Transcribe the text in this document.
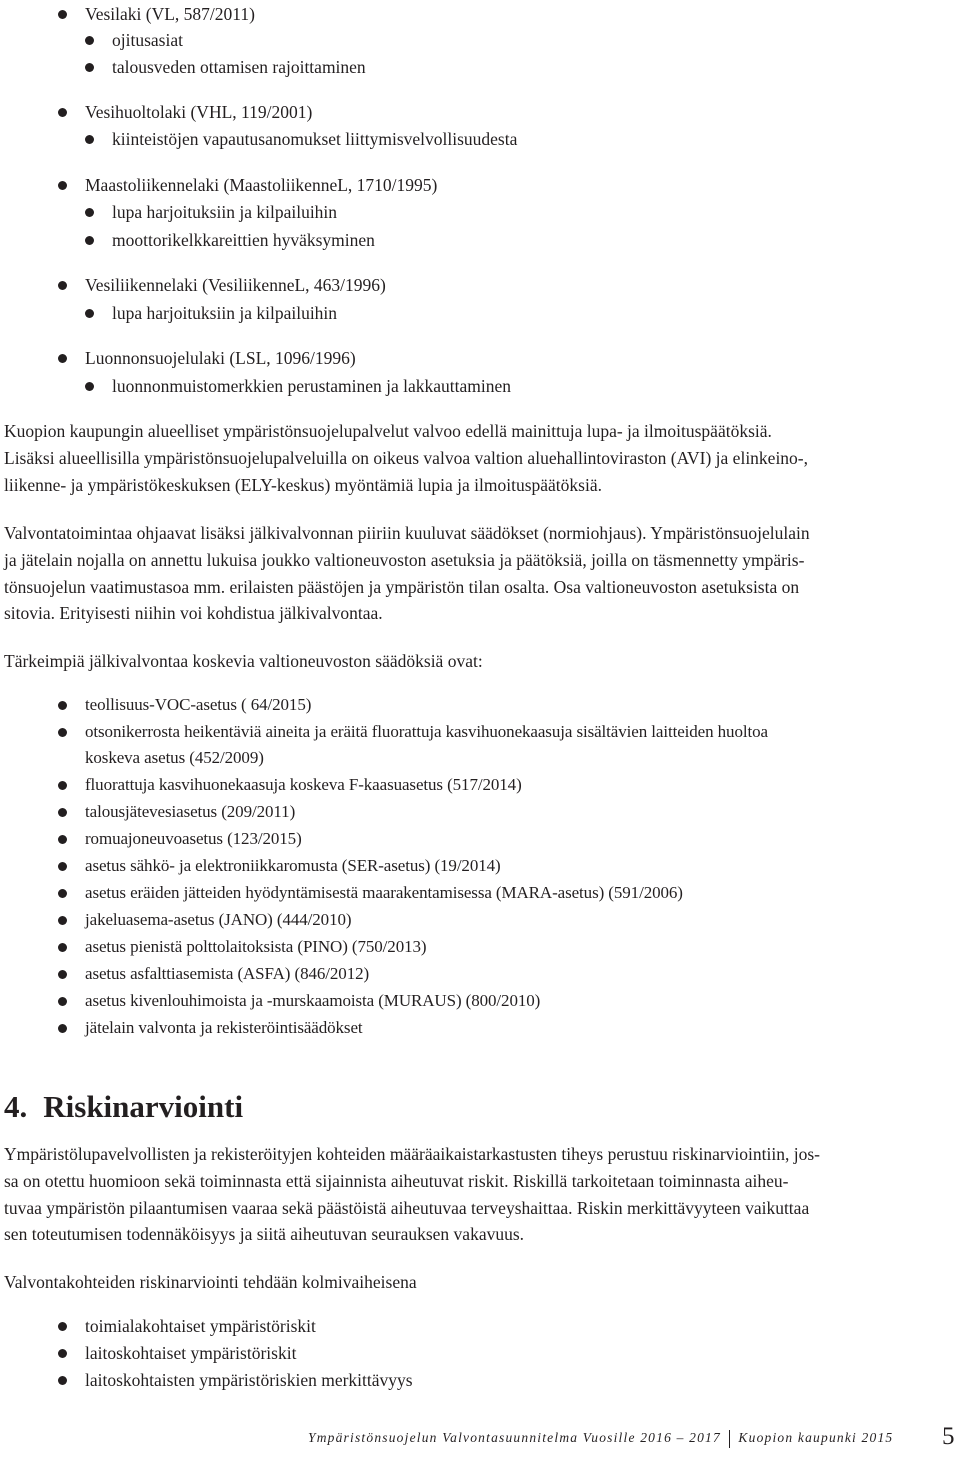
Vesilaki (VL, 587/2011)
ojitusasiat
talousveden ottamisen rajoittaminen
Vesihuoltolaki (VHL, 119/2001)
kiinteistöjen vapautusanomukset liittymisvelvollisuudesta
Maastoliikennelaki (MaastoliikenneL, 1710/1995)
lupa harjoituksiin ja kilpailuihin
moottorikelkkareittien hyväksyminen
Vesiliikennelaki (VesiliikenneL, 463/1996)
lupa harjoituksiin ja kilpailuihin
Luonnonsuojelulaki (LSL, 1096/1996)
luonnonmuistomerkkien perustaminen ja lakkauttaminen

Kuopion kaupungin alueelliset ympäristönsuojelupalvelut valvoo edellä mainittuja lupa- ja ilmoituspäätöksiä.
Lisäksi alueellisilla ympäristönsuojelupalveluilla on oikeus valvoa valtion aluehallintoviraston (AVI) ja elinkeino-,
liikenne- ja ympäristökeskuksen (ELY-keskus) myöntämiä lupia ja ilmoituspäätöksiä.

Valvontatoimintaa ohjaavat lisäksi jälkivalvonnan piiriin kuuluvat säädökset (normiohjaus). Ympäristönsuojelulain
ja jätelain nojalla on annettu lukuisa joukko valtioneuvoston asetuksia ja päätöksiä, joilla on täsmennetty ympäris-
tönsuojelun vaatimustasoa mm. erilaisten päästöjen ja ympäristön tilan osalta. Osa valtioneuvoston asetuksista on
sitovia. Erityisesti niihin voi kohdistua jälkivalvontaa.

Tärkeimpiä jälkivalvontaa koskevia valtioneuvoston säädöksiä ovat:

teollisuus-VOC-asetus ( 64/2015)
otsonikerrosta heikentäviä aineita ja eräitä fluorattuja kasvihuonekaasuja sisältävien laitteiden huoltoa
koskeva asetus (452/2009)
fluorattuja kasvihuonekaasuja koskeva F-kaasuasetus (517/2014)
talousjätevesiasetus (209/2011)
romuajoneuvoasetus (123/2015)
asetus sähkö- ja elektroniikkaromusta (SER-asetus) (19/2014)
asetus eräiden jätteiden hyödyntämisestä maarakentamisessa (MARA-asetus) (591/2006)
jakeluasema-asetus (JANO) (444/2010)
asetus pienistä polttolaitoksista (PINO) (750/2013)
asetus asfalttiasemista (ASFA) (846/2012)
asetus kivenlouhimoista ja -murskaamoista (MURAUS) (800/2010)
jätelain valvonta ja rekisteröintisäädökset
4. Riskinarviointi

Ympäristölupavelvollisten ja rekisteröityjen kohteiden määräaikaistarkastusten tiheys perustuu riskinarviointiin, jos-
sa on otettu huomioon sekä toiminnasta että sijainnista aiheutuvat riskit. Riskillä tarkoitetaan toiminnasta aiheu-
tuvaa ympäristön pilaantumisen vaaraa sekä päästöistä aiheutuvaa terveyshaittaa. Riskin merkittävyyteen vaikuttaa
sen toteutumisen todennäköisyys ja siitä aiheutuvan seurauksen vakavuus.

Valvontakohteiden riskinarviointi tehdään kolmivaiheisena

toimialakohtaiset ympäristöriskit
laitoskohtaiset ympäristöriskit
laitoskohtaisten ympäristöriskien merkittävyys
Ympäristönsuojelun Valvontasuunnitelma Vuosille 2016 – 2017 Kuopion kaupunki 2015 5
